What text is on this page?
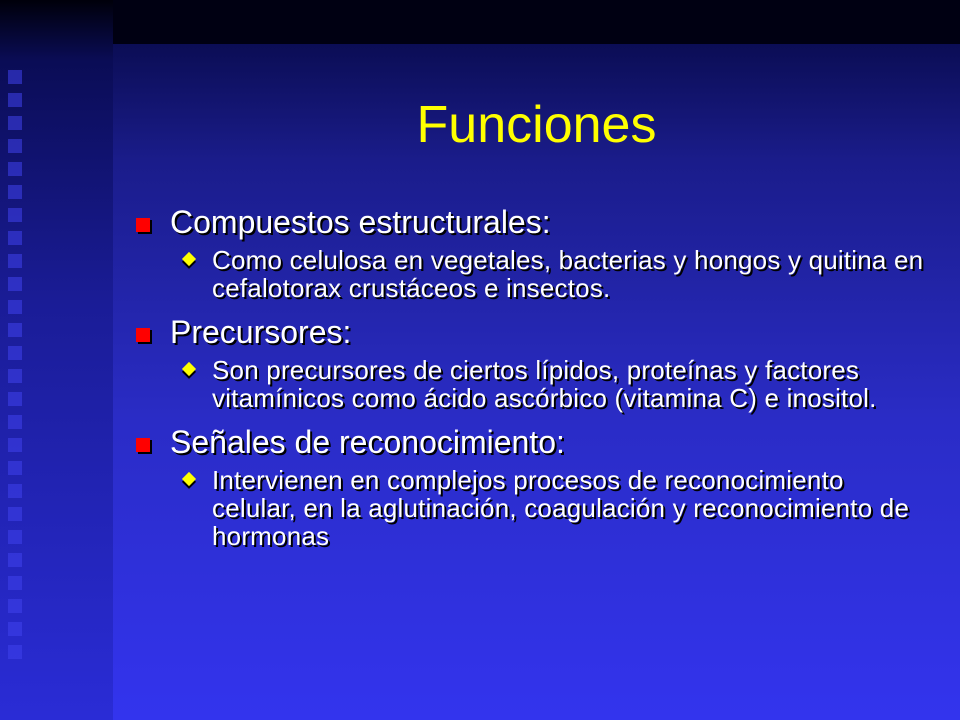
Funciones
Compuestos estructurales:
Como celulosa en vegetales, bacterias y hongos y quitina en cefalotorax crustáceos e insectos.
Precursores:
Son precursores de ciertos lípidos, proteínas y factores vitamínicos como ácido ascórbico (vitamina C) e inositol.
Señales de reconocimiento:
Intervienen en complejos procesos de reconocimiento celular, en la aglutinación, coagulación y reconocimiento de hormonas
